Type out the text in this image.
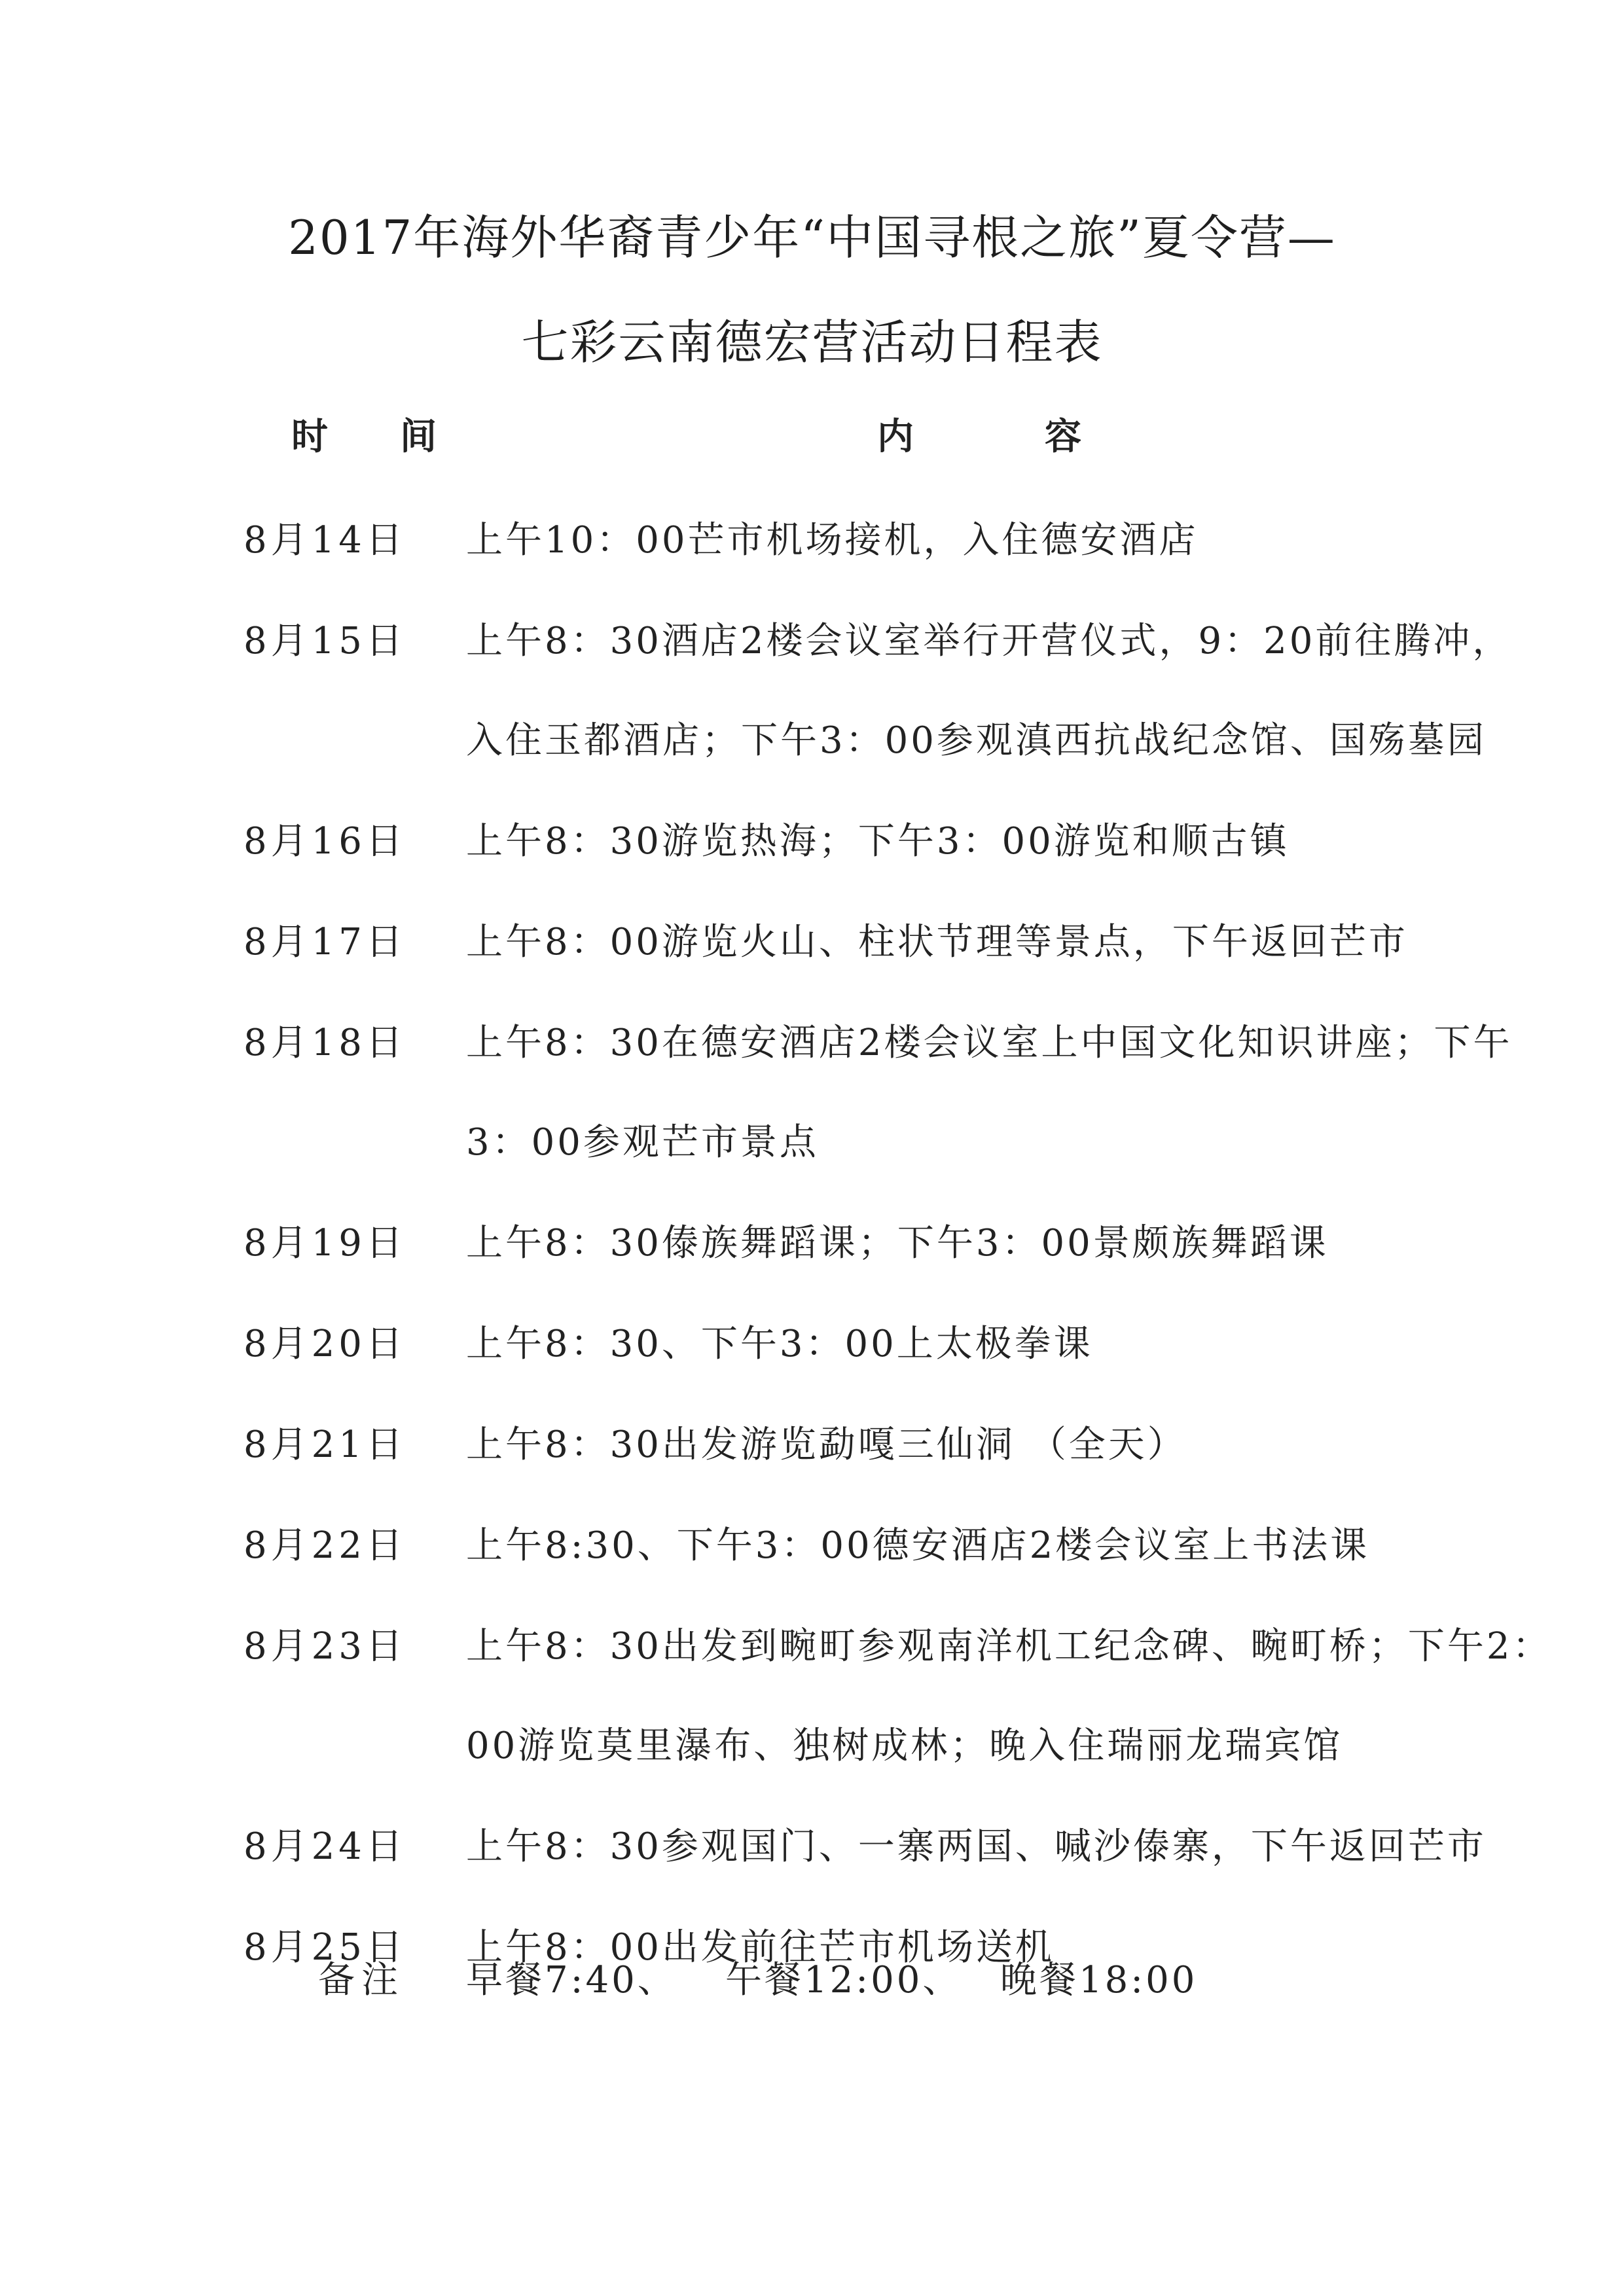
2017年海外华裔青少年“中国寻根之旅”夏令营—
七彩云南德宏营活动日程表
时间	内容
8月14日	上午10：00芒市机场接机，入住德安酒店
8月15日	上午8：30酒店2楼会议室举行开营仪式，9：20前往腾冲，
入住玉都酒店；下午3：00参观滇西抗战纪念馆、国殇墓园
8月16日	上午8：30游览热海；下午3：00游览和顺古镇
8月17日	上午8：00游览火山、柱状节理等景点，下午返回芒市
8月18日	上午8：30在德安酒店2楼会议室上中国文化知识讲座；下午
3：00参观芒市景点
8月19日	上午8：30傣族舞蹈课；下午3：00景颇族舞蹈课
8月20日	上午8：30、下午3：00上太极拳课
8月21日	上午8：30出发游览勐嘎三仙洞 （全天）
8月22日	上午8:30、下午3：00德安酒店2楼会议室上书法课
8月23日	上午8：30出发到畹町参观南洋机工纪念碑、畹町桥；下午2：
00游览莫里瀑布、独树成林；晚入住瑞丽龙瑞宾馆
8月24日	上午8：30参观国门、一寨两国、喊沙傣寨，下午返回芒市
8月25日	上午8：00出发前往芒市机场送机
备注 早餐7:40、 午餐12:00、 晚餐18:00
